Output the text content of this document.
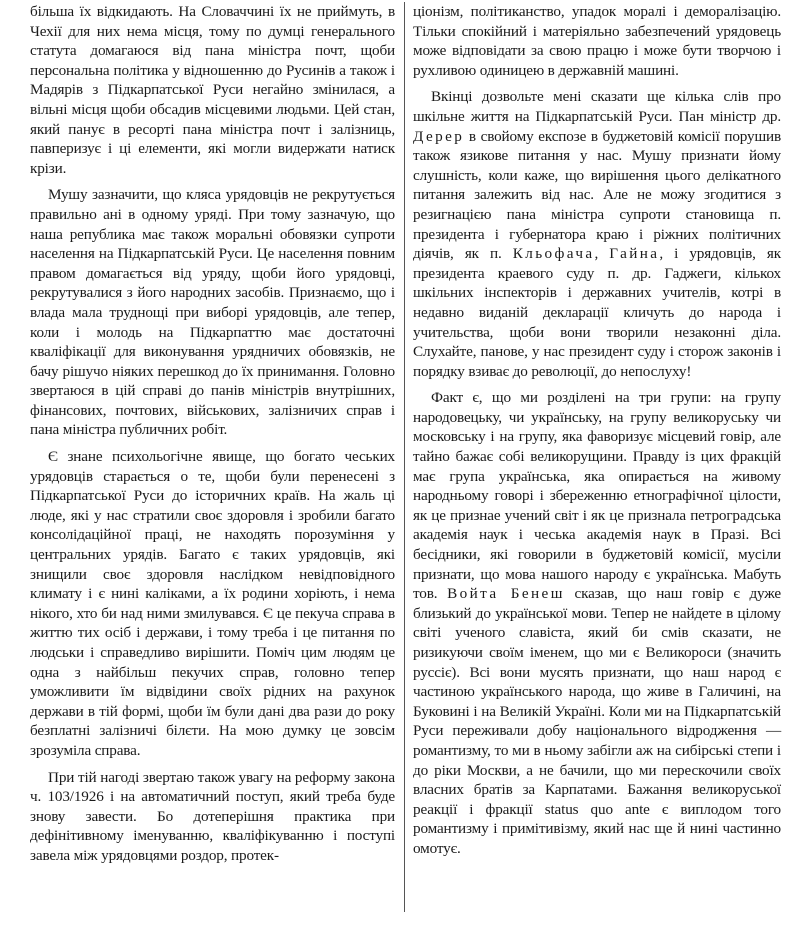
більша їх відкидають. На Словаччині їх не приймуть, в Чехії для них нема місця, тому по думці генерального статута домагаюся від пана міністра почт, щоби персональна політика у відношенню до Русинів а також і Мадярів з Підкарпатської Руси негайно змінилася, а вільні місця щоби обсадив місцевими людьми. Цей стан, який панує в ресорті пана міністра почт і залізниць, павперизує і ці елементи, які могли видержати натиск крізи.

Мушу зазначити, що кляса урядовців не рекрутується правильно ані в одному уряді. При тому зазначую, що наша република має також моральні обовязки супроти населення на Підкарпатській Руси. Це населення повним правом домагається від уряду, щоби його урядовці, рекрутувалися з його народних засобів. Признаємо, що і влада мала труднощі при виборі урядовців, але тепер, коли і молодь на Підкарпаттю має достаточні кваліфікації для виконування урядничих обовязків, не бачу рішучо ніяких перешкод до їх принимання. Головно звертаюся в цій справі до панів міністрів внутрішних, фінансових, почтових, військових, залізничих справ і пана міністра публичних робіт.

Є знане психольогічне явище, що богато чеських урядовців старається о те, щоби були перенесені з Підкарпатської Руси до історичних країв. На жаль ці люде, які у нас стратили своє здоровля і зробили багато консолідаційної праці, не находять порозуміння у центральних урядів. Багато є таких урядовців, які знищили своє здоровля наслідком невідповідного климату і є нині каліками, а їх родини хоріють, і нема нікого, хто би над ними змилувався. Є це пекуча справа в життю тих осіб і держави, і тому треба і це питання по людськи і справедливо вирішити. Поміч цим людям це одна з найбільш пекучих справ, головно тепер уможливити їм відвідини своїх рідних на рахунок держави в тій формі, щоби їм були дані два рази до року безплатні залізничі білєти. На мою думку це зовсім зрозуміла справа.

При тій нагоді звертаю також увагу на реформу закона ч. 103/1926 і на автоматичний поступ, який треба буде знову завести. Бо дотеперішня практика при дефінітивному іменуванню, кваліфікуванню і поступі завела між урядовцями роздор, протек-

ціонізм, політиканство, упадок моралі і деморалізацію. Тільки спокійний і матеріяльно забезпечений урядовець може відповідати за свою працю і може бути творчою і рухливою одиницею в державній машині.

Вкінці дозвольте мені сказати ще кілька слів про шкільне життя на Підкарпатській Руси. Пан міністр др. Дерер в свойому експозе в буджетовій комісії порушив також язикове питання у нас. Мушу признати йому слушність, коли каже, що вирішення цього делікатного питання залежить від нас. Але не можу згодитися з резигнацією пана міністра супроти становища п. президента і губернатора краю і ріжних політичних діячів, як п. Кльофача, Гайна, і урядовців, як президента краевого суду п. др. Гаджеги, кількох шкільних інспекторів і державних учителів, котрі в недавно виданій декларації кличуть до народа і учительства, щоби вони творили незаконні діла. Слухайте, панове, у нас президент суду і сторож законів і порядку взиває до революції, до непослуху!

Факт є, що ми розділені на три групи: на групу народовецьку, чи українську, на групу великоруську чи московську і на групу, яка фаворизує місцевий говір, але тайно бажає собі великорущини. Правду із цих фракцій має група українська, яка опирається на живому народньому говорі і збереженню етнографічної цілости, як це признае учений світ і як це признала петроградська академія наук і чеська академія наук в Празі. Всі бесідники, які говорили в буджетовій комісії, мусіли признати, що мова нашого народу є українська. Мабуть тов. Войта Бенеш сказав, що наш говір є дуже близький до української мови. Тепер не найдете в цілому світі ученого славіста, який би смів сказати, не ризикуючи своїм іменем, що ми є Великороси (значить руссіє). Всі вони мусять признати, що наш народ є частиною українського народа, що живе в Галичині, на Буковині і на Великій Україні. Коли ми на Підкарпатській Руси переживали добу національного відродження — романтизму, то ми в ньому забігли аж на сибірські степи і до ріки Москви, а не бачили, що ми перескочили своїх власних братів за Карпатами. Бажання великоруської реакції і фракції status quo ante є виплодом того романтизму і примітивізму, який нас ще й нині частинно омотує.
